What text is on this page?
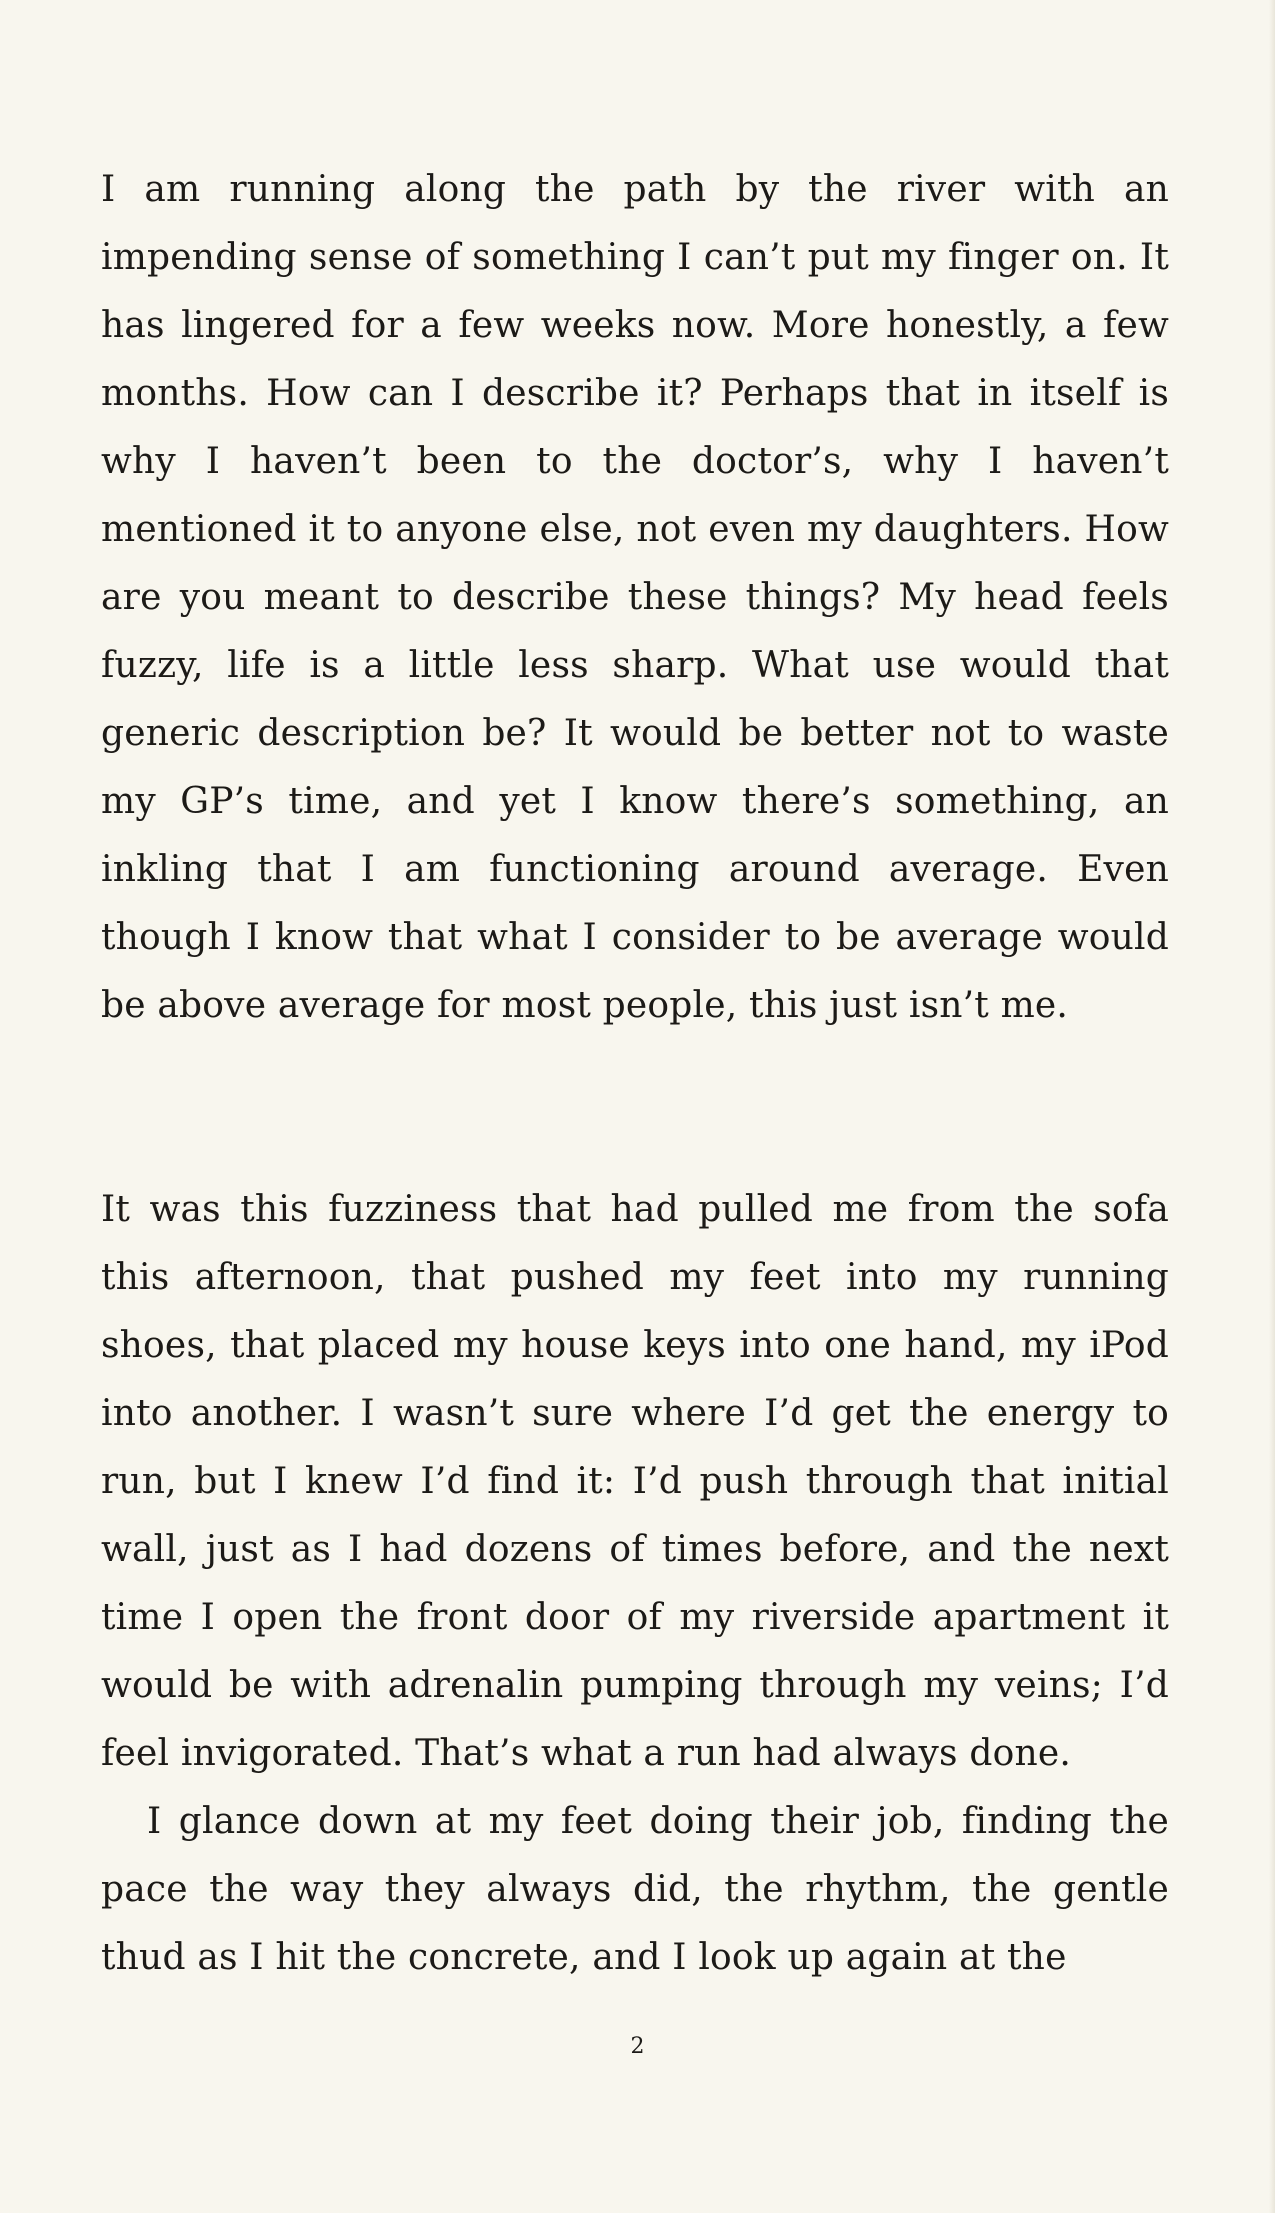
I am running along the path by the river with an impending sense of something I can’t put my finger on. It has lingered for a few weeks now. More honestly, a few months. How can I describe it? Perhaps that in itself is why I haven’t been to the doctor’s, why I haven’t mentioned it to anyone else, not even my daughters. How are you meant to describe these things? My head feels fuzzy, life is a little less sharp. What use would that generic description be? It would be better not to waste my GP’s time, and yet I know there’s something, an inkling that I am functioning around average. Even though I know that what I consider to be average would be above average for most people, this just isn’t me.

It was this fuzziness that had pulled me from the sofa this afternoon, that pushed my feet into my running shoes, that placed my house keys into one hand, my iPod into another. I wasn’t sure where I’d get the energy to run, but I knew I’d find it: I’d push through that initial wall, just as I had dozens of times before, and the next time I open the front door of my riverside apartment it would be with adrenalin pumping through my veins; I’d feel invigorated. That’s what a run had always done.

I glance down at my feet doing their job, finding the pace the way they always did, the rhythm, the gentle thud as I hit the concrete, and I look up again at the

2
